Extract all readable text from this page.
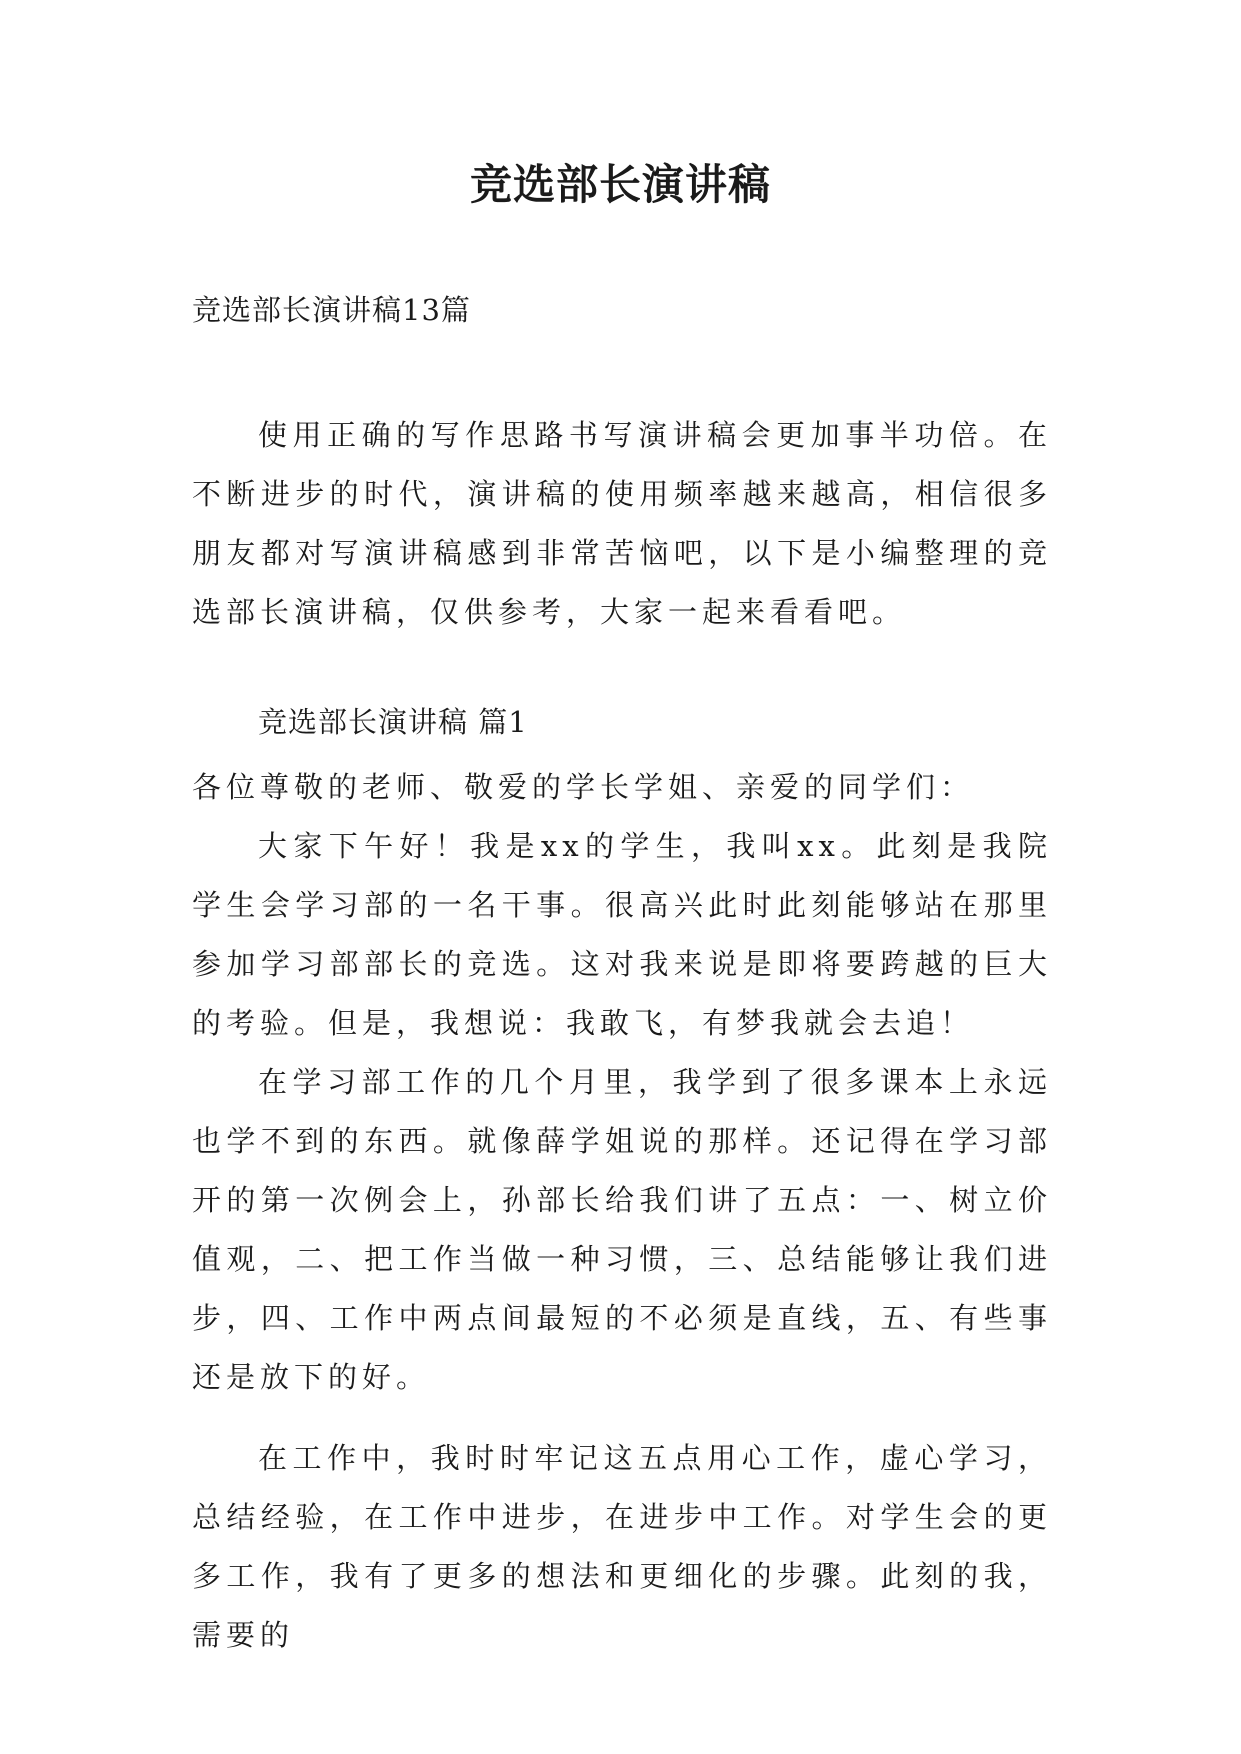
竞选部长演讲稿
竞选部长演讲稿13篇
使用正确的写作思路书写演讲稿会更加事半功倍。在不断进步的时代，演讲稿的使用频率越来越高，相信很多朋友都对写演讲稿感到非常苦恼吧，以下是小编整理的竞选部长演讲稿，仅供参考，大家一起来看看吧。
竞选部长演讲稿 篇1

各位尊敬的老师、敬爱的学长学姐、亲爱的同学们：

大家下午好！我是xx的学生，我叫xx。此刻是我院学生会学习部的一名干事。很高兴此时此刻能够站在那里参加学习部部长的竞选。这对我来说是即将要跨越的巨大的考验。但是，我想说：我敢飞，有梦我就会去追！

在学习部工作的几个月里，我学到了很多课本上永远也学不到的东西。就像薛学姐说的那样。还记得在学习部开的第一次例会上，孙部长给我们讲了五点：一、树立价值观，二、把工作当做一种习惯，三、总结能够让我们进步，四、工作中两点间最短的不必须是直线，五、有些事还是放下的好。

在工作中，我时时牢记这五点用心工作，虚心学习，总结经验，在工作中进步，在进步中工作。对学生会的更多工作，我有了更多的想法和更细化的步骤。此刻的我，需要的
